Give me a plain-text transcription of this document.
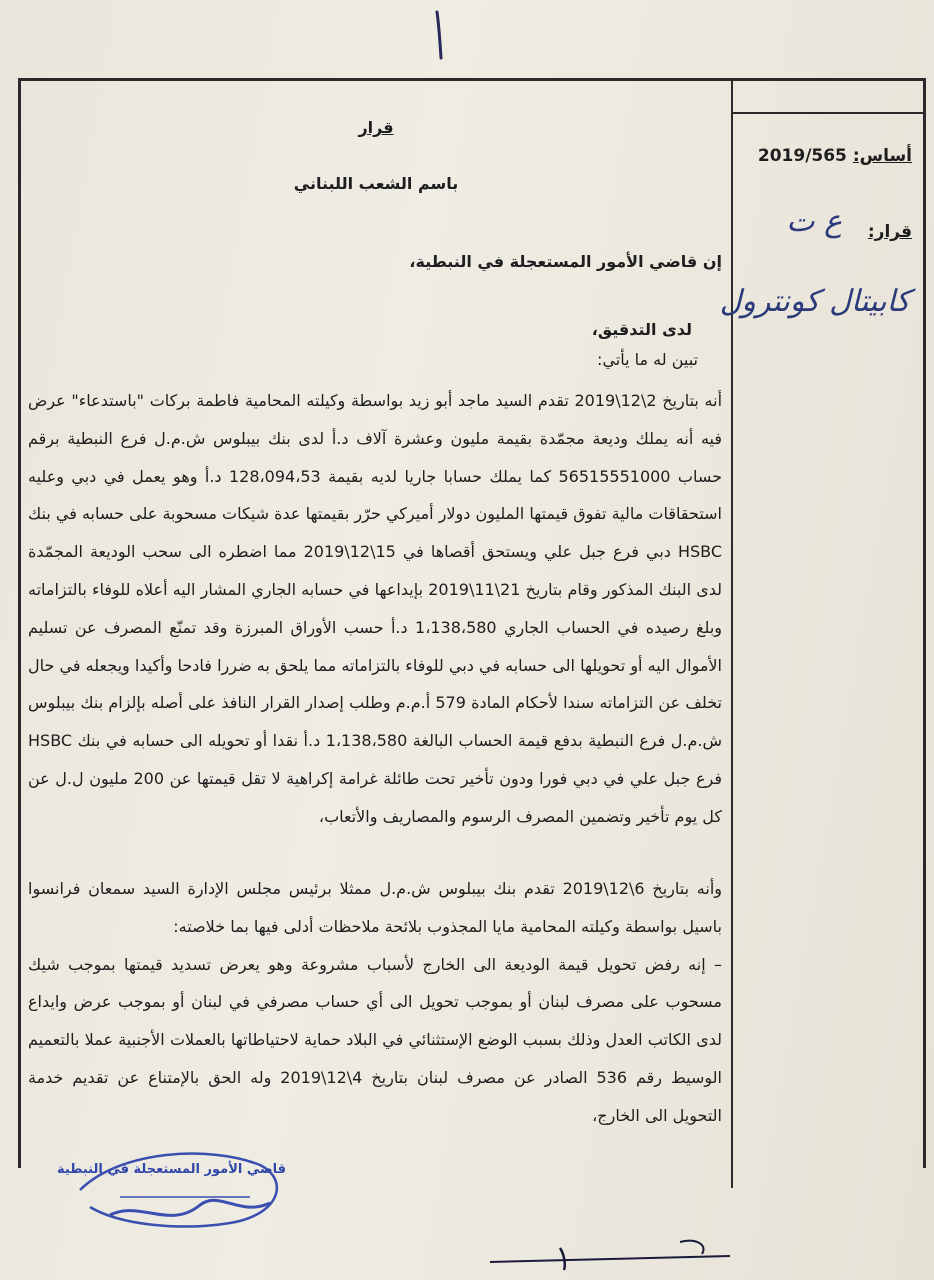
أساس: 2019/565
قرار:
ع ت
كابيتال كونترول
قرار
باسم الشعب اللبناني
إن قاضي الأمور المستعجلة في النبطية،
لدى التدقيق،
تبين له ما يأتي:
أنه بتاريخ 2\12\2019 تقدم السيد ماجد أبو زيد بواسطة وكيلته المحامية فاطمة بركات "باستدعاء" عرض فيه أنه يملك وديعة مجمّدة بقيمة مليون وعشرة آلاف د.أ لدى بنك بيبلوس ش.م.ل فرع النبطية برقم حساب 56515551000 كما يملك حسابا جاريا لديه بقيمة 128،094،53 د.أ وهو يعمل في دبي وعليه استحقاقات مالية تفوق قيمتها المليون دولار أميركي حرّر بقيمتها عدة شيكات مسحوبة على حسابه في بنك HSBC دبي فرع جبل علي ويستحق أقصاها في 15\12\2019 مما اضطره الى سحب الوديعة المجمّدة لدى البنك المذكور وقام بتاريخ 21\11\2019 بإيداعها في حسابه الجاري المشار اليه أعلاه للوفاء بالتزاماته وبلغ رصيده في الحساب الجاري 1،138،580 د.أ حسب الأوراق المبرزة وقد تمنّع المصرف عن تسليم الأموال اليه أو تحويلها الى حسابه في دبي للوفاء بالتزاماته مما يلحق به ضررا فادحا وأكيدا ويجعله في حال تخلف عن التزاماته سندا لأحكام المادة 579 أ.م.م وطلب إصدار القرار النافذ على أصله بإلزام بنك بيبلوس ش.م.ل فرع النبطية بدفع قيمة الحساب البالغة 1،138،580 د.أ نقدا أو تحويله الى حسابه في بنك HSBC فرع جبل علي في دبي فورا ودون تأخير تحت طائلة غرامة إكراهية لا تقل قيمتها عن 200 مليون ل.ل عن كل يوم تأخير وتضمين المصرف الرسوم والمصاريف والأتعاب،
وأنه بتاريخ 6\12\2019 تقدم بنك بيبلوس ش.م.ل ممثلا برئيس مجلس الإدارة السيد سمعان فرانسوا باسيل بواسطة وكيلته المحامية مايا المجذوب بلائحة ملاحظات أدلى فيها بما خلاصته:
– إنه رفض تحويل قيمة الوديعة الى الخارج لأسباب مشروعة وهو يعرض تسديد قيمتها بموجب شيك مسحوب على مصرف لبنان أو بموجب تحويل الى أي حساب مصرفي في لبنان أو بموجب عرض وايداع لدى الكاتب العدل وذلك بسبب الوضع الإستثنائي في البلاد حماية لاحتياطاتها بالعملات الأجنبية عملا بالتعميم الوسيط رقم 536 الصادر عن مصرف لبنان بتاريخ 4\12\2019 وله الحق بالإمتناع عن تقديم خدمة التحويل الى الخارج،
قاضي الأمور المستعجلة في النبطية
